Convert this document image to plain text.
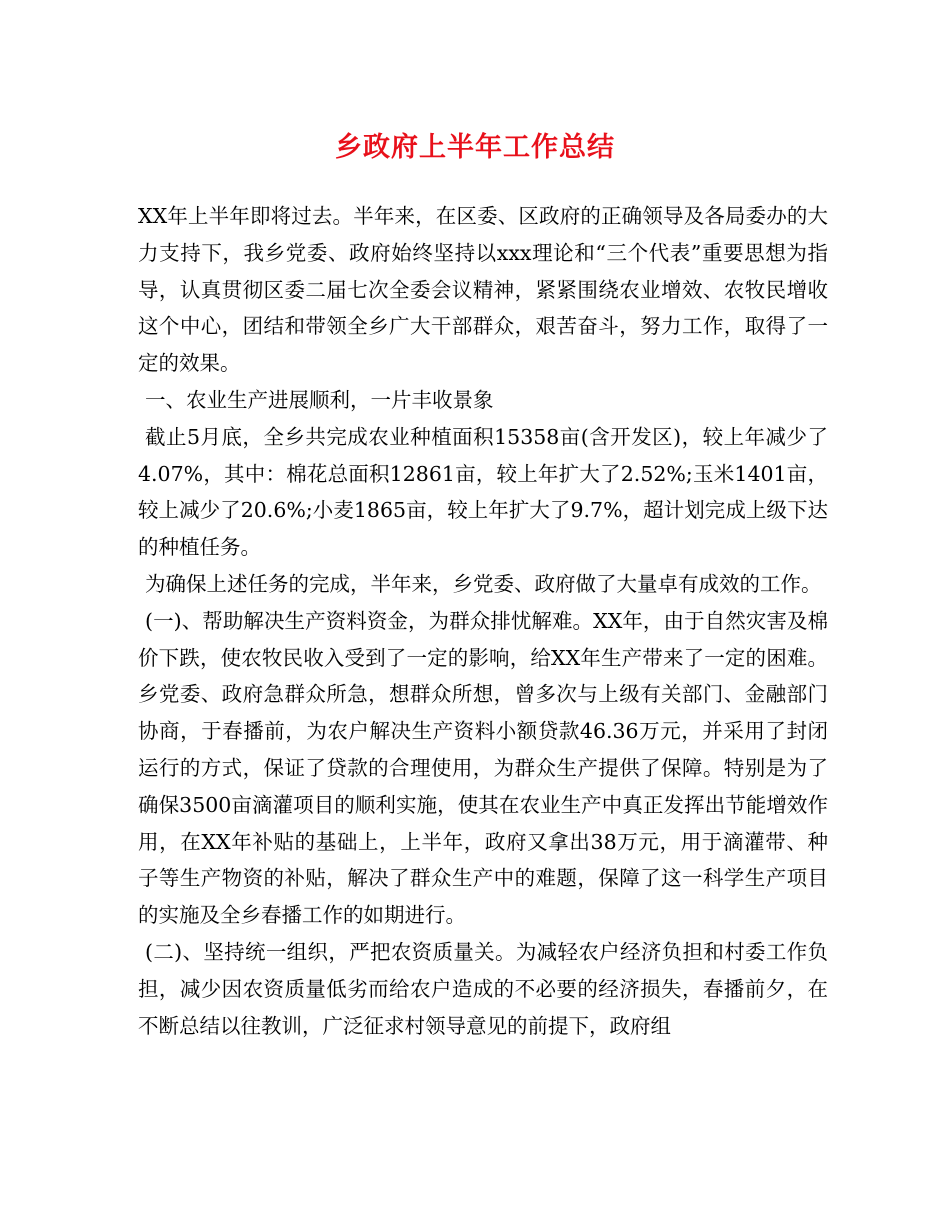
乡政府上半年工作总结

XX年上半年即将过去。半年来，在区委、区政府的正确领导及各局委办的大力支持下，我乡党委、政府始终坚持以xxx理论和“三个代表”重要思想为指导，认真贯彻区委二届七次全委会议精神，紧紧围绕农业增效、农牧民增收这个中心，团结和带领全乡广大干部群众，艰苦奋斗，努力工作，取得了一定的效果。

一、农业生产进展顺利，一片丰收景象

截止5月底，全乡共完成农业种植面积15358亩(含开发区)，较上年减少了4.07%，其中：棉花总面积12861亩，较上年扩大了2.52%;玉米1401亩，较上减少了20.6%;小麦1865亩，较上年扩大了9.7%，超计划完成上级下达的种植任务。

为确保上述任务的完成，半年来，乡党委、政府做了大量卓有成效的工作。

(一)、帮助解决生产资料资金，为群众排忧解难。XX年，由于自然灾害及棉价下跌，使农牧民收入受到了一定的影响，给XX年生产带来了一定的困难。乡党委、政府急群众所急，想群众所想，曾多次与上级有关部门、金融部门协商，于春播前，为农户解决生产资料小额贷款46.36万元，并采用了封闭运行的方式，保证了贷款的合理使用，为群众生产提供了保障。特别是为了确保3500亩滴灌项目的顺利实施，使其在农业生产中真正发挥出节能增效作用，在XX年补贴的基础上，上半年，政府又拿出38万元，用于滴灌带、种子等生产物资的补贴，解决了群众生产中的难题，保障了这一科学生产项目的实施及全乡春播工作的如期进行。

(二)、坚持统一组织，严把农资质量关。为减轻农户经济负担和村委工作负担，减少因农资质量低劣而给农户造成的不必要的经济损失，春播前夕，在不断总结以往教训，广泛征求村领导意见的前提下，政府组
